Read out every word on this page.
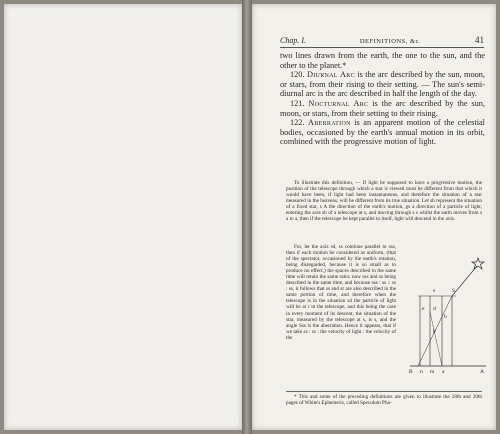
Chap. I.	DEFINITIONS, &c.	41

two lines drawn from the earth, the one to the sun, and the other to the planet.*

120. Diurnal Arc is the arc described by the sun, moon, or stars, from their rising to their setting. — The sun's semi-diurnal arc is the arc described in half the length of the day.

121. Nocturnal Arc is the arc described by the sun, moon, or stars, from their setting to their rising.

122. Aberration is an apparent motion of the celestial bodies, occasioned by the earth's annual motion in its orbit, combined with the progressive motion of light.

To illustrate this definition, — If light be supposed to have a progressive motion, the position of the telescope through which a star is viewed must be different from that which it would have been, if light had been instantaneous, and therefore the situation of a star measured in the heavens, will be different from its true situation. Let sb represent the situation of a fixed star, s A the direction of the earth's motion, gs a direction of a particle of light, entering the axis sb of a telescope at s, and moving through s s whilst the earth moves from s a to a, then if the telescope be kept parallel to itself, light will descend in the axis.

For, let the axis sd, ss continue parallel to sss, then if each motion be considered as uniform, (that of the spectator, occasioned by the earth's rotation, being disregarded, because it is so small as to produce no effect,) the spaces described in the same time will retain the same ratio; now sss and ss being described in the same time, and because sss : ss :: ss : ss, it follows that ss and sr are also described in the same portion of time, and therefore when the telescope is in the situation sd the particle of light will be at r in the telescope, and this being the case in every moment of its descent, the situation of the star, measured by the telescope at s, is s, and the angle Sss is the aberration. Hence it appears, that if we take ss : ss : the velocity of light : the velocity of the

S
s
e d
b
p
B n m a	A

* This and some of the preceding definitions are given to illustrate the 28th and 30th pages of White's Ephemeris, called Speculum Pha-
